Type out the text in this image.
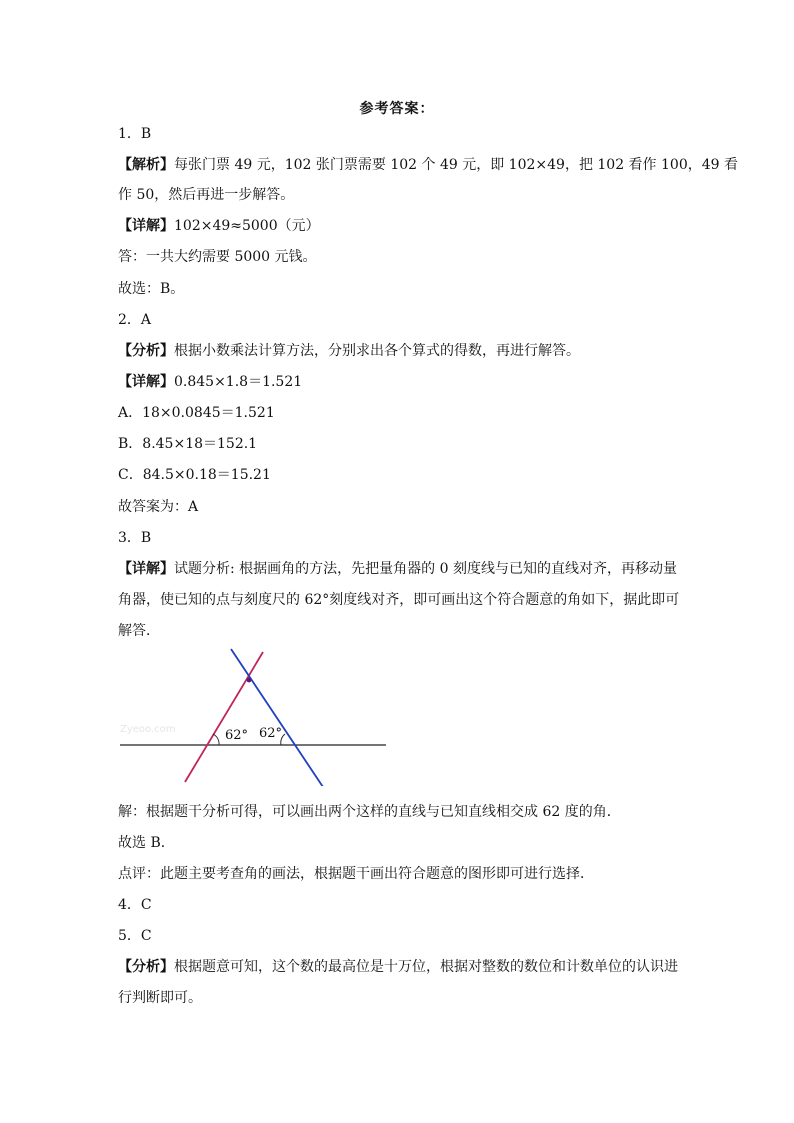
参考答案：
1．B
【解析】每张门票 49 元，102 张门票需要 102 个 49 元，即 102×49，把 102 看作 100，49 看
作 50，然后再进一步解答。
【详解】102×49≈5000（元）
答：一共大约需要 5000 元钱。
故选：B。
2．A
【分析】根据小数乘法计算方法，分别求出各个算式的得数，再进行解答。
【详解】0.845×1.8＝1.521
A．18×0.0845＝1.521
B．8.45×18＝152.1
C．84.5×0.18＝15.21
故答案为：A
3．B
【详解】试题分析: 根据画角的方法，先把量角器的 0 刻度线与已知的直线对齐，再移动量
角器，使已知的点与刻度尺的 62°刻度线对齐，即可画出这个符合题意的角如下，据此即可
解答．
Zyeoo.com	62° 62°
解：根据题干分析可得，可以画出两个这样的直线与已知直线相交成 62 度的角．
故选 B．
点评：此题主要考查角的画法，根据题干画出符合题意的图形即可进行选择．
4．C
5．C
【分析】根据题意可知，这个数的最高位是十万位，根据对整数的数位和计数单位的认识进
行判断即可。
